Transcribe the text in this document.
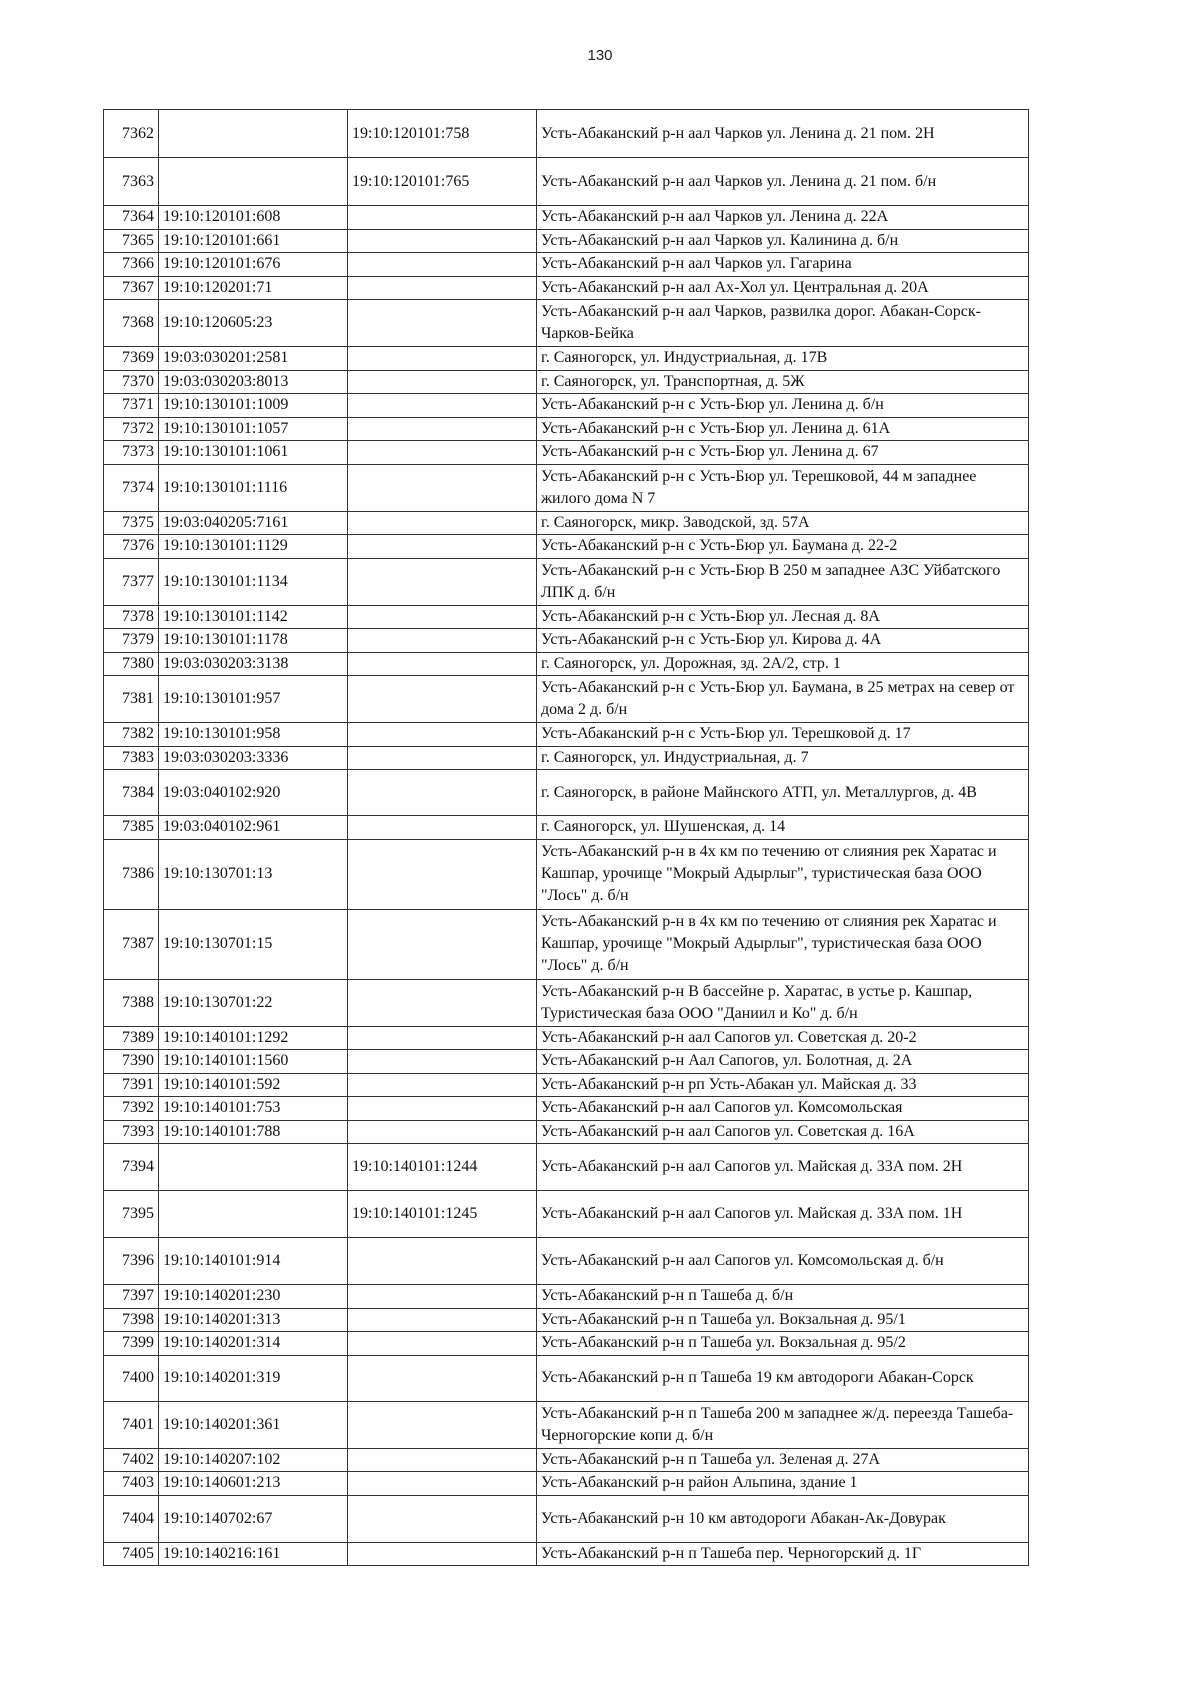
130
7362		19:10:120101:758	Усть-Абаканский р-н аал Чарков ул. Ленина д. 21 пом. 2Н
7363		19:10:120101:765	Усть-Абаканский р-н аал Чарков ул. Ленина д. 21 пом. б/н
7364	19:10:120101:608		Усть-Абаканский р-н аал Чарков ул. Ленина д. 22А
7365	19:10:120101:661		Усть-Абаканский р-н аал Чарков ул. Калинина д. б/н
7366	19:10:120101:676		Усть-Абаканский р-н аал Чарков ул. Гагарина
7367	19:10:120201:71		Усть-Абаканский р-н аал Ах-Хол ул. Центральная д. 20А
7368	19:10:120605:23		Усть-Абаканский р-н аал Чарков, развилка дорог. Абакан-Сорск-Чарков-Бейка
7369	19:03:030201:2581		г. Саяногорск, ул. Индустриальная, д. 17В
7370	19:03:030203:8013		г. Саяногорск, ул. Транспортная, д. 5Ж
7371	19:10:130101:1009		Усть-Абаканский р-н с Усть-Бюр ул. Ленина д. б/н
7372	19:10:130101:1057		Усть-Абаканский р-н с Усть-Бюр ул. Ленина д. 61А
7373	19:10:130101:1061		Усть-Абаканский р-н с Усть-Бюр ул. Ленина д. 67
7374	19:10:130101:1116		Усть-Абаканский р-н с Усть-Бюр ул. Терешковой, 44 м западнее жилого дома N 7
7375	19:03:040205:7161		г. Саяногорск, микр. Заводской, зд. 57А
7376	19:10:130101:1129		Усть-Абаканский р-н с Усть-Бюр ул. Баумана д. 22-2
7377	19:10:130101:1134		Усть-Абаканский р-н с Усть-Бюр В 250 м западнее АЗС Уйбатского ЛПК д. б/н
7378	19:10:130101:1142		Усть-Абаканский р-н с Усть-Бюр ул. Лесная д. 8А
7379	19:10:130101:1178		Усть-Абаканский р-н с Усть-Бюр ул. Кирова д. 4А
7380	19:03:030203:3138		г. Саяногорск, ул. Дорожная, зд. 2А/2, стр. 1
7381	19:10:130101:957		Усть-Абаканский р-н с Усть-Бюр ул. Баумана, в 25 метрах на север от дома 2 д. б/н
7382	19:10:130101:958		Усть-Абаканский р-н с Усть-Бюр ул. Терешковой д. 17
7383	19:03:030203:3336		г. Саяногорск, ул. Индустриальная, д. 7
7384	19:03:040102:920		г. Саяногорск, в районе Майнского АТП, ул. Металлургов, д. 4В
7385	19:03:040102:961		г. Саяногорск, ул. Шушенская, д. 14
7386	19:10:130701:13		Усть-Абаканский р-н в 4х км по течению от слияния рек Харатас и Кашпар, урочище "Мокрый Адырлыг", туристическая база ООО "Лось" д. б/н
7387	19:10:130701:15		Усть-Абаканский р-н в 4х км по течению от слияния рек Харатас и Кашпар, урочище "Мокрый Адырлыг", туристическая база ООО "Лось" д. б/н
7388	19:10:130701:22		Усть-Абаканский р-н В бассейне р. Харатас, в устье р. Кашпар, Туристическая база ООО "Даниил и Ко" д. б/н
7389	19:10:140101:1292		Усть-Абаканский р-н аал Сапогов ул. Советская д. 20-2
7390	19:10:140101:1560		Усть-Абаканский р-н Аал Сапогов, ул. Болотная, д. 2А
7391	19:10:140101:592		Усть-Абаканский р-н рп Усть-Абакан ул. Майская д. 33
7392	19:10:140101:753		Усть-Абаканский р-н аал Сапогов ул. Комсомольская
7393	19:10:140101:788		Усть-Абаканский р-н аал Сапогов ул. Советская д. 16А
7394		19:10:140101:1244	Усть-Абаканский р-н аал Сапогов ул. Майская д. 33А пом. 2Н
7395		19:10:140101:1245	Усть-Абаканский р-н аал Сапогов ул. Майская д. 33А пом. 1Н
7396	19:10:140101:914		Усть-Абаканский р-н аал Сапогов ул. Комсомольская д. б/н
7397	19:10:140201:230		Усть-Абаканский р-н п Ташеба д. б/н
7398	19:10:140201:313		Усть-Абаканский р-н п Ташеба ул. Вокзальная д. 95/1
7399	19:10:140201:314		Усть-Абаканский р-н п Ташеба ул. Вокзальная д. 95/2
7400	19:10:140201:319		Усть-Абаканский р-н п Ташеба 19 км автодороги Абакан-Сорск
7401	19:10:140201:361		Усть-Абаканский р-н п Ташеба 200 м западнее ж/д. переезда Ташеба-Черногорские копи д. б/н
7402	19:10:140207:102		Усть-Абаканский р-н п Ташеба ул. Зеленая д. 27А
7403	19:10:140601:213		Усть-Абаканский р-н район Альпина, здание 1
7404	19:10:140702:67		Усть-Абаканский р-н 10 км автодороги Абакан-Ак-Довурак
7405	19:10:140216:161		Усть-Абаканский р-н п Ташеба пер. Черногорский д. 1Г
